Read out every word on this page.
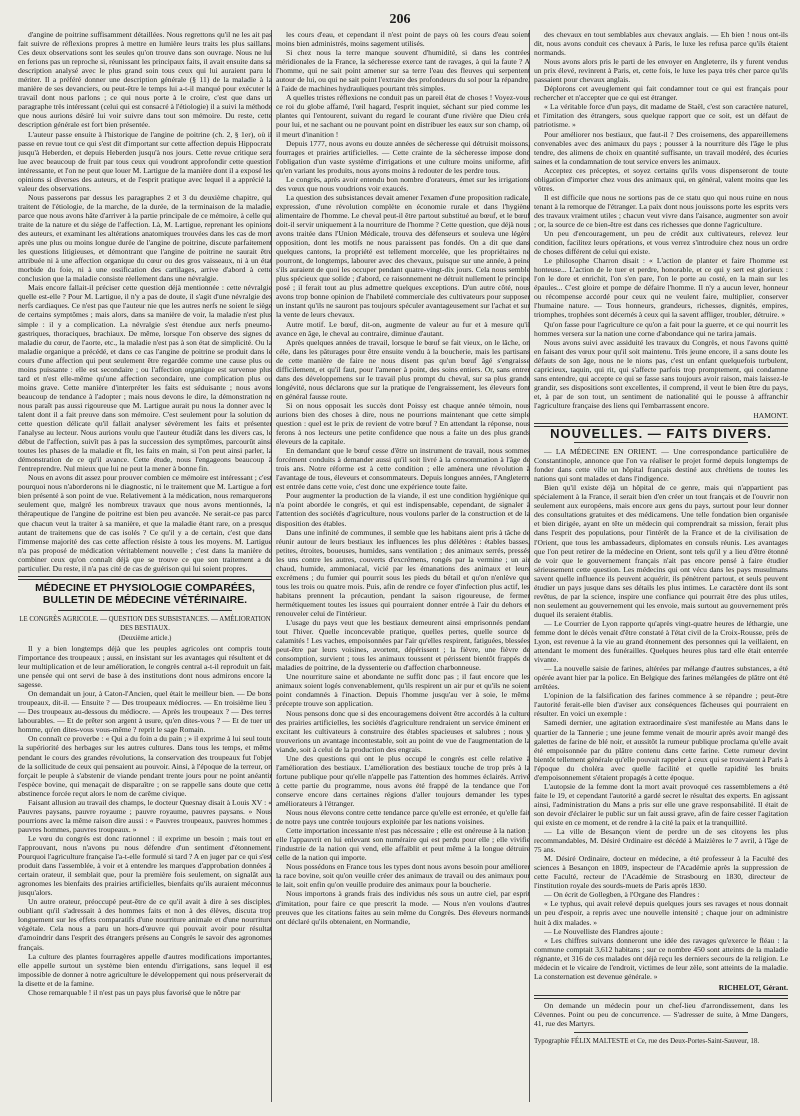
206

d'angine de poitrine suffisamment détaillées. Nous regrettons qu'il ne les ait pas fait suivre de réflexions propres à mettre en lumière leurs traits les plus saillans. Ces deux observations sont les seules qu'on trouve dans son ouvrage. Nous ne lui en ferions pas un reproche si, réunissant les principaux faits, il avait ensuite dans sa description analysé avec le plus grand soin tous ceux qui lui auraient paru le mériter. Il a préféré donner une description générale (§ 11) de la maladie à la manière de ses devanciers, ou peut-être le temps lui a-t-il manqué pour exécuter le travail dont nous parlons ; ce qui nous porte à le croire, c'est que dans un paragraphe très intéressant (celui qui est consacré à l'étiologie) il a suivi la méthode que nous aurions désiré lui voir suivre dans tout son mémoire. Du reste, cette description générale est fort bien présentée.

L'auteur passe ensuite à l'historique de l'angine de poitrine (ch. 2, § 1er), où il passe en revue tout ce qui s'est dit d'important sur cette affection depuis Hippocrate jusqu'à Heberden, et depuis Heberden jusqu'à nos jours. Cette revue critique sera lue avec beaucoup de fruit par tous ceux qui voudront approfondir cette question intéressante, et l'on ne peut que louer M. Lartigue de la manière dont il a exposé les opinions si diverses des auteurs, et de l'esprit pratique avec lequel il a apprécié la valeur des observations.

Nous passerons par dessus les paragraphes 2 et 3 du deuxième chapitre, qui traitent de l'étiologie, de la marche, de la durée, de la terminaison de la maladie, parce que nous avons hâte d'arriver à la partie principale de ce mémoire, à celle qui traite de la nature et du siége de l'affection. Là, M. Lartigue, reprenant les opinions des auteurs, et examinant les altérations anatomiques trouvées dans les cas de mort après une plus ou moins longue durée de l'angine de poitrine, discute parfaitement les questions litigieuses, et démontrant que l'angine de poitrine ne saurait être attribuée ni à une affection organique du cœur ou des gros vaisseaux, ni à un état morbide du foie, ni à une ossification des cartilages, arrive d'abord à cette conclusion que la maladie consiste réellement dans une névralgie.

Mais encore fallait-il préciser cette question déjà mentionnée : cette névralgie quelle est-elle ? Pour M. Lartigue, il n'y a pas de doute, il s'agit d'une névralgie des nerfs cardiaques. Ce n'est pas que l'auteur nie que les autres nerfs ne soient le siège de certains symptômes ; mais alors, dans sa manière de voir, la maladie n'est plus simple : il y a complication. La névralgie s'est étendue aux nerfs pneumo-gastriques, thoraciques, brachiaux. De même, lorsque l'on observe des signes de maladie du cœur, de l'aorte, etc., la maladie n'est pas à son état de simplicité. Ou la maladie organique a précédé, et dans ce cas l'angine de poitrine se produit dans le cours d'une affection qui peut seulement être regardée comme une cause plus ou moins puissante : elle est secondaire ; ou l'affection organique est survenue plus tard et n'est elle-même qu'une affection secondaire, une complication plus ou moins grave. Cette manière d'interpréter les faits est séduisante ; nous avons beaucoup de tendance à l'adopter ; mais nous devons le dire, la démonstration ne nous paraît pas aussi rigoureuse que M. Lartigue aurait pu nous la donner avec le talent dont il a fait preuve dans son mémoire. C'est seulement pour la solution de cette question délicate qu'il fallait analyser sévèrement les faits et présenter l'analyse au lecteur. Nous aurions voulu que l'auteur étudiât dans les divers cas, le début de l'affection, suivît pas à pas la succession des symptômes, parcourût ainsi toutes les phases de la maladie et fît, les faits en main, si l'on peut ainsi parler, la démonstration de ce qu'il avance. Cette étude, nous l'engageons beaucoup à l'entreprendre. Nul mieux que lui ne peut la mener à bonne fin.

Nous en avons dit assez pour prouver combien ce mémoire est intéressant ; c'est pourquoi nous n'aborderons ni le diagnostic, ni le traitement que M. Lartigue a fort bien présenté à son point de vue. Relativement à la médication, nous remarquerons seulement que, malgré les nombreux travaux que nous avons mentionnés, la thérapeutique de l'angine de poitrine est bien peu avancée. Ne serait-ce pas parce que chacun veut la traiter à sa manière, et que la maladie étant rare, on a presque autant de traitemens que de cas isolés ? Ce qu'il y a de certain, c'est que dans l'immense majorité des cas cette affection résiste à tous les moyens. M. Lartigue n'a pas proposé de médication véritablement nouvelle ; c'est dans la manière de combiner ceux qu'on connaît déjà que se trouve ce que son traitement a de particulier. Du reste, il n'a pas cité de cas de guérison qui lui soient propres.

MÉDECINE ET PHYSIOLOGIE COMPARÉES, BULLETIN DE MÉDECINE VÉTÉRINAIRE.
LE CONGRÈS AGRICOLE. — QUESTION DES SUBSISTANCES. — AMÉLIORATION DES BESTIAUX.
(Deuxième article.)

Il y a bien longtemps déjà que les peuples agricoles ont compris toute l'importance des troupeaux ; aussi, en insistant sur les avantages qui résultent et de leur multiplication et de leur amélioration, le congrès central a-t-il reproduit un fait, une pensée qui ont servi de base à des institutions dont nous admirons encore la sagesse.

On demandait un jour, à Caton-l'Ancien, quel était le meilleur bien. — De bons troupeaux, dit-il. — Ensuite ? — Des troupeaux médiocres. — En troisième lieu ? — Des troupeaux au-dessous du médiocre. — Après les troupeaux ? — Des terres labourables. — Et de prêter son argent à usure, qu'en dites-vous ? — Et de tuer un homme, qu'en dites-vous vous-même ? reprit le sage Romain.

On connaît ce proverbe : « Qui a du foin a du pain ; » il exprime à lui seul toute la supériorité des herbages sur les autres cultures. Dans tous les temps, et même pendant le cours des grandes révolutions, la conservation des troupeaux fut l'objet de la sollicitude de ceux qui pensaient au pouvoir. Ainsi, à l'époque de la terreur, on forçait le peuple à s'abstenir de viande pendant trente jours pour ne point anéantir l'espèce bovine, qui menaçait de disparaître ; on se rappelle sans doute que cette abstinence forcée reçut alors le nom de carême civique.

Faisant allusion au travail des champs, le docteur Quesnay disait à Louis XV : « Pauvres paysans, pauvre royaume ; pauvre royaume, pauvres paysans. » Nous pourrions avec la même raison dire aussi : « Pauvres troupeaux, pauvres hommes ; pauvres hommes, pauvres troupeaux. »

Le vœu du congrès est donc rationnel : il exprime un besoin ; mais tout en l'approuvant, nous n'avons pu nous défendre d'un sentiment d'étonnement. Pourquoi l'agriculture française l'a-t-elle formulé si tard ? A en juger par ce qui s'est produit dans l'assemblée, à voir et à entendre les marques d'approbation données à certain orateur, il semblait que, pour la première fois seulement, on signalât aux agronomes les bienfaits des prairies artificielles, bienfaits qu'ils auraient méconnus jusqu'alors.

Un autre orateur, préoccupé peut-être de ce qu'il avait à dire à ses disciples, oubliant qu'il s'adressait à des hommes faits et non à des élèves, discuta trop longuement sur les effets comparatifs d'une nourriture animale et d'une nourriture végétale. Cela nous a paru un hors-d'œuvre qui pouvait avoir pour résultat d'amoindrir dans l'esprit des étrangers présens au Congrès le savoir des agronomes français.

La culture des plantes fourragères appelle d'autres modifications importantes, elle appelle surtout un système bien entendu d'irrigations, sans lequel il est impossible de donner à notre agriculture le développement qui nous préserverait de la disette et de la famine.

Chose remarquable ! il n'est pas un pays plus favorisé que le nôtre par

les cours d'eau, et cependant il n'est point de pays où les cours d'eau soient moins bien administrés, moins sagement utilisés.

Si chez nous la terre manque souvent d'humidité, si dans les contrées méridionales de la France, la sécheresse exerce tant de ravages, à qui la faute ? A l'homme, qui ne sait point amener sur sa terre l'eau des fleuves qui serpentent autour de lui, ou qui ne sait point l'extraire des profondeurs du sol pour la répandre, à l'aide de machines hydrauliques pourtant très simples.

A quelles tristes réflexions ne conduit pas un pareil état de choses ! Voyez-vous ce roi du globe affamé, l'œil hagard, l'esprit inquiet, séchant sur pied comme les plantes qui l'entourent, suivant du regard le courant d'une rivière que Dieu créa pour lui, et ne sachant ou ne pouvant point en distribuer les eaux sur son champ, où il meurt d'inanition !

Depuis 1777, nous avons eu douze années de sécheresse qui détruisit moissons, fourrages et prairies artificielles. — Cette crainte de la sécheresse impose donc l'obligation d'un vaste système d'irrigations et une culture moins uniforme, afin qu'en variant les produits, nous ayons moins à redouter de les perdre tous.

Le congrès, après avoir entendu bon nombre d'orateurs, émet sur les irrigations des vœux que nous voudrions voir exaucés.

La question des subsistances devait amener l'examen d'une proposition radicale, expression, d'une révolution complète en économie rurale et dans l'hygiène alimentaire de l'homme. Le cheval peut-il être partout substitué au bœuf, et le bœuf doit-il servir uniquement à la nourriture de l'homme ? Cette question, que déjà nous avons traitée dans l'Union Médicale, trouva des défenseurs et souleva une légère opposition, dont les motifs ne nous paraissent pas fondés. On a dit que dans quelques cantons, la propriété est tellement morcelée, que les propriétaires ne pourront, de longtemps, labourer avec des chevaux, puisque sur une année, à peine s'ils auraient de quoi les occuper pendant quatre-vingt-dix jours. Cela nous semble plus spécieux que solide ; d'abord, ce raisonnement ne détruit nullement le principe posé ; il ferait tout au plus admettre quelques exceptions. D'un autre côté, nous avons trop bonne opinion de l'habileté commerciale des cultivateurs pour supposer un instant qu'ils ne sauront pas toujours spéculer avantageusement sur l'achat et sur la vente de leurs chevaux.

Autre motif. Le bœuf, dit-on, augmente de valeur au fur et à mesure qu'il avance en âge, le cheval au contraire, diminue d'autant.

Après quelques années de travail, lorsque le bœuf se fait vieux, on le lâche, on céle, dans les pâturages pour être ensuite vendu à la boucherie, mais les partisans de cette manière de faire ne nous disent pas qu'un bœuf âgé s'engraisse difficilement, et qu'il faut, pour l'amener à point, des soins entiers. Or, sans entrer dans des développemens sur le travail plus prompt du cheval, sur sa plus grande longévité, nous déclarons que sur la pratique de l'engraissement, les éleveurs font en général fausse route.

Si on nous opposait les succès dont Poissy est chaque année témoin, nous aurions bien des choses à dire, nous ne pourrions maintenant que cette simple question : quel est le prix de revient de votre bœuf ? En attendant la réponse, nous ferons à nos lecteurs une petite confidence que nous a faite un des plus grands éleveurs de la capitale.

En demandant que le bœuf cesse d'être un instrument de travail, nous sommes forcément conduits à demander aussi qu'il soit livré à la consommation à l'âge de trois ans. Notre réforme est à cette condition ; elle amènera une révolution à l'avantage de tous, éleveurs et consommateurs. Depuis longues années, l'Angleterre est entrée dans cette voie, c'est donc une expérience toute faite.

Pour augmenter la production de la viande, il est une condition hygiénique qui n'a point abordée le congrès, et qui est indispensable, cependant, de signaler à l'attention des sociétés d'agriculture, nous voulons parler de la construction et de la disposition des étables.

Dans une infinité de communes, il semble que les habitans aient pris à tâche de réunir autour de leurs bestiaux les influences les plus délétères : étables basses, petites, étroites, boueuses, humides, sans ventilation ; des animaux serrés, pressés les uns contre les autres, couverts d'excrémens, rongés par la vermine ; un air chaud, humide, ammoniacal, vicié par les émanations des animaux et leurs excrémens ; du fumier qui pourrit sous les pieds du bétail et qu'on n'enlève que tous les trois ou quatre mois. Puis, afin de rendre ce foyer d'infection plus actif, les habitans prennent la précaution, pendant la saison rigoureuse, de fermer hermétiquement toutes les issues qui pourraient donner entrée à l'air du dehors et renouveler celui de l'intérieur.

L'usage du pays veut que les bestiaux demeurent ainsi emprisonnés pendant tout l'hiver. Quelle inconcevable pratique, quelles pertes, quelle source de calamités ! Les vaches, empoisonnées par l'air qu'elles respirent, fatiguées, blessées peut-être par leurs voisines, avortent, dépérissent ; la fièvre, une fièvre de consomption, survient ; tous les animaux toussent et périssent bientôt frappés de maladies de poitrine, de la dyssenterie ou d'affection charbonneuse.

Une nourriture saine et abondante ne suffit donc pas ; il faut encore que les animaux soient logés convenablement, qu'ils respirent un air pur et qu'ils ne soient point condamnés à l'inaction. Depuis l'homme jusqu'au ver à soie, le même précepte trouve son application.

Nous pensons donc que si des encouragemens doivent être accordés à la culture des prairies artificielles, les sociétés d'agriculture rendraient un service éminent en excitant les cultivateurs à construire des étables spacieuses et salubres ; nous y trouverions un avantage incontestable, soit au point de vue de l'augmentation de la viande, soit à celui de la production des engrais.

Une des questions qui ont le plus occupé le congrès est celle relative à l'amélioration des bestiaux. L'amélioration des bestiaux touche de trop près à la fortune publique pour qu'elle n'appelle pas l'attention des hommes éclairés. Arrivé à cette partie du programme, nous avons été frappé de la tendance que l'on conserve encore dans certaines régions d'aller toujours demander les types améliorateurs à l'étranger.

Nous nous élevons contre cette tendance parce qu'elle est erronée, et qu'elle fait de notre pays une contrée toujours exploitée par les nations voisines.

Cette importation incessante n'est pas nécessaire ; elle est onéreuse à la nation ; elle l'appauvrit en lui enlevant son numéraire qui est perdu pour elle ; elle vivifie l'industrie de la nation qui vend, elle affaiblit et peut même à la longue détruire celle de la nation qui importe.

Nous possédons en France tous les types dont nous avons besoin pour améliorer la race bovine, soit qu'on veuille créer des animaux de travail ou des animaux pour le lait, soit enfin qu'on veuille produire des animaux pour la boucherie.

Nous importons à grands frais des individus nés sous un autre ciel, par esprit d'imitation, pour faire ce que prescrit la mode. — Nous n'en voulons d'autres preuves que les citations faites au sein même du Congrès. Des éleveurs normands ont déclaré qu'ils obtenaient, en Normandie,

des chevaux en tout semblables aux chevaux anglais. — Eh bien ! nous ont-ils dit, nous avons conduit ces chevaux à Paris, le luxe les refusa parce qu'ils étaient normands.

Nous avons alors pris le parti de les envoyer en Angleterre, ils y furent vendus un prix élevé, revinrent à Paris, et, cette fois, le luxe les paya très cher parce qu'ils passaient pour chevaux anglais.

Déplorons cet aveuglement qui fait condamner tout ce qui est français pour rechercher et n'accepter que ce qui est étranger.

« La véritable force d'un pays, dit madame de Staël, c'est son caractère naturel, et l'imitation des étrangers, sous quelque rapport que ce soit, est un défaut de patriotisme. »

Pour améliorer nos bestiaux, que faut-il ? Des croisemens, des appareillemens convenables avec des animaux du pays ; pousser à la nourriture dès l'âge le plus tendre, des alimens de choix en quantité suffisante, un travail modéré, des écuries saines et la condamnation de tout service envers les animaux.

Acceptez ces préceptes, et soyez certains qu'ils vous dispenseront de toute obligation d'importer chez vous des animaux qui, en général, valent moins que les vôtres.

Il est difficile que nous ne sortions pas de ce statu quo qui nous ruine en nous tenant à la remorque de l'étranger. La paix dont nous jouissons porte les esprits vers des travaux vraiment utiles ; chacun veut vivre dans l'aisance, augmenter son avoir ; or, la source de ce bien-être est dans ces richesses que donne l'agriculture.

Un peu d'encouragement, un peu de crédit aux cultivateurs, relevez leur condition, facilitez leurs opérations, et vous verrez s'introduire chez nous un ordre de choses différent de celui qui existe.

Le philosophe Charron disait : « L'action de planter et faire l'homme est honteuse... L'action de le tuer et perdre, honorable, et ce qui y sert est glorieux : l'on le dore et enrichit, l'on s'en pare, l'on le porte au costé, en la main sur les épaules... C'est gloire et pompe de défaire l'homme. Il n'y a aucun lever, honneur ou récompense accordé pour ceux qui ne veulent faire, multiplier, conserver l'humaine nature. — Tous honneurs, grandeurs, richesses, dignités, empires, triomphes, trophées sont décernés à ceux qui la savent affliger, troubler, détruire. »

Qu'on fasse pour l'agriculture ce qu'on a fait pour la guerre, et ce qui nourrit les hommes versera sur la nation une corne d'abondance qui ne tarira jamais.

Nous avons suivi avec assiduité les travaux du Congrès, et nous l'avons quitté en faisant des vœux pour qu'il soit maintenu. Très jeune encore, il a sans doute les défauts de son âge, nous ne le nions pas, c'est un enfant quelquefois turbulent, capricieux, taquin, qui rit, qui s'affecte parfois trop promptement, qui condamne sans entendre, qui accepte ce qui se fasse sans toujours avoir raison, mais laissez-le grandir, ses dispositions sont excellentes, il comprend, il veut le bien être du pays, et, à par de son tout, un sentiment de nationalité qui le pousse à affranchir l'agriculture française des liens qui l'embarrassent encore.

HAMONT.
NOUVELLES. — FAITS DIVERS.

— LA MÉDECINE EN ORIENT. — Une correspondance particulière de Constantinople, annonce que l'on va réaliser le projet formé depuis longtemps de fonder dans cette ville un hôpital français destiné aux chrétiens de toutes les nations qui sont malades et dans l'indigence.

Bien qu'il existe déjà un hôpital de ce genre, mais qui n'appartient pas spécialement à la France, il serait bien d'en créer un tout français et de l'ouvrir non seulement aux européens, mais encore aux gens du pays, surtout pour leur donner des consultations gratuites et des médicamens. Une telle fondation bien organisée et bien dirigée, ayant en tête un médecin qui comprendrait sa mission, ferait plus dans l'esprit des populations, pour l'intérêt de la France et de la civilisation de l'Orient, que tous les ambassadeurs, diplomates en consuls réunis. Les avantages que l'on peut retirer de la médecine en Orient, sont tels qu'il y a lieu d'être étonné de voir que le gouvernement français n'ait pas encore pensé à faire étudier sérieusement cette question. Les médecins qui ont vécu dans les pays musulmans savent quelle influence ils peuvent acquérir, ils pénètrent partout, et seuls peuvent étudier un pays jusque dans ses détails les plus intimes. Le caractère dont ils sont revêtus, de par la science, inspire une confiance qui pourrait être des plus utiles, non seulement au gouvernement qui les envoie, mais surtout au gouvernement près duquel ils seraient établis.

— Le Courrier de Lyon rapporte qu'après vingt-quatre heures de léthargie, une femme dont le décès venait d'être constaté à l'état civil de la Croix-Rousse, près de Lyon, est revenue à la vie au grand étonnement des personnes qui la veillaient, en attendant le moment des funérailles. Quelques heures plus tard elle était enterrée vivante.

— La nouvelle saisie de farines, altérées par mélange d'autres substances, a été opérée avant hier par la police. En Belgique des farines mélangées de plâtre ont été arrêtées.

L'opinion de la falsification des farines commence à se répandre ; peut-être l'autorité ferait-elle bien d'aviser aux conséquences fâcheuses qui pourraient en résulter. En voici un exemple :

Samedi dernier, une agitation extraordinaire s'est manifestée au Mans dans le quartier de la Tannerie ; une jeune femme venait de mourir après avoir mangé des galettes de farine de blé noir, et aussitôt la rumeur publique proclama qu'elle avait été empoisonnée par du plâtre contenu dans cette farine. Cette rumeur devint bientôt tellement générale qu'elle pouvait rappeler à ceux qui se trouvaient à Paris à l'époque du choléra avec quelle facilité et quelle rapidité les bruits d'empoisonnement s'étaient propagés à cette époque.

L'autopsie de la femme dont la mort avait provoqué ces rassemblemens a été faite le 19, et cependant l'autorité a gardé secret le résultat des experts. En agissant ainsi, l'administration du Mans a pris sur elle une grave responsabilité. Il était de son devoir d'éclairer le public sur un fait aussi grave, afin de faire cesser l'agitation qui existe en ce moment, et de rendre à la cité la paix et la tranquillité.

— La ville de Besançon vient de perdre un de ses citoyens les plus recommandables, M. Désiré Ordinaire est décédé à Maizières le 7 avril, à l'âge de 75 ans.

M. Désiré Ordinaire, docteur en médecine, a été professeur à la Faculté des sciences à Besançon en 1809, inspecteur de l'Académie après la suppression de cette Faculté, recteur de l'Académie de Strasbourg en 1830, directeur de l'institution royale des sourds-muets de Paris après 1830.

— On écrit de Gollegben, à l'Organe des Flandres :

« Le typhus, qui avait relevé depuis quelques jours ses ravages et nous donnait un peu d'espoir, a repris avec une nouvelle intensité ; chaque jour on administre huit à dix malades. »

— Le Nouvelliste des Flandres ajoute :

« Les chiffres suivans donneront une idée des ravages qu'exerce le fléau : la commune comptait 3,612 habitans ; sur ce nombre 450 sont atteints de la maladie régnante, et 316 de ces malades ont déjà reçu les derniers secours de la religion. Le médecin et le vicaire de l'endroit, victimes de leur zèle, sont atteints de la maladie. La consternation est devenue générale. »

RICHELOT, Gérant.

On demande un médecin pour un chef-lieu d'arrondissement, dans les Cévennes. Point ou peu de concurrence. — S'adresser de suite, à Mme Dangers, 41, rue des Martyrs.

Typographie FÉLIX MALTESTE et Ce, rue des Deux-Portes-Saint-Sauveur, 18.
